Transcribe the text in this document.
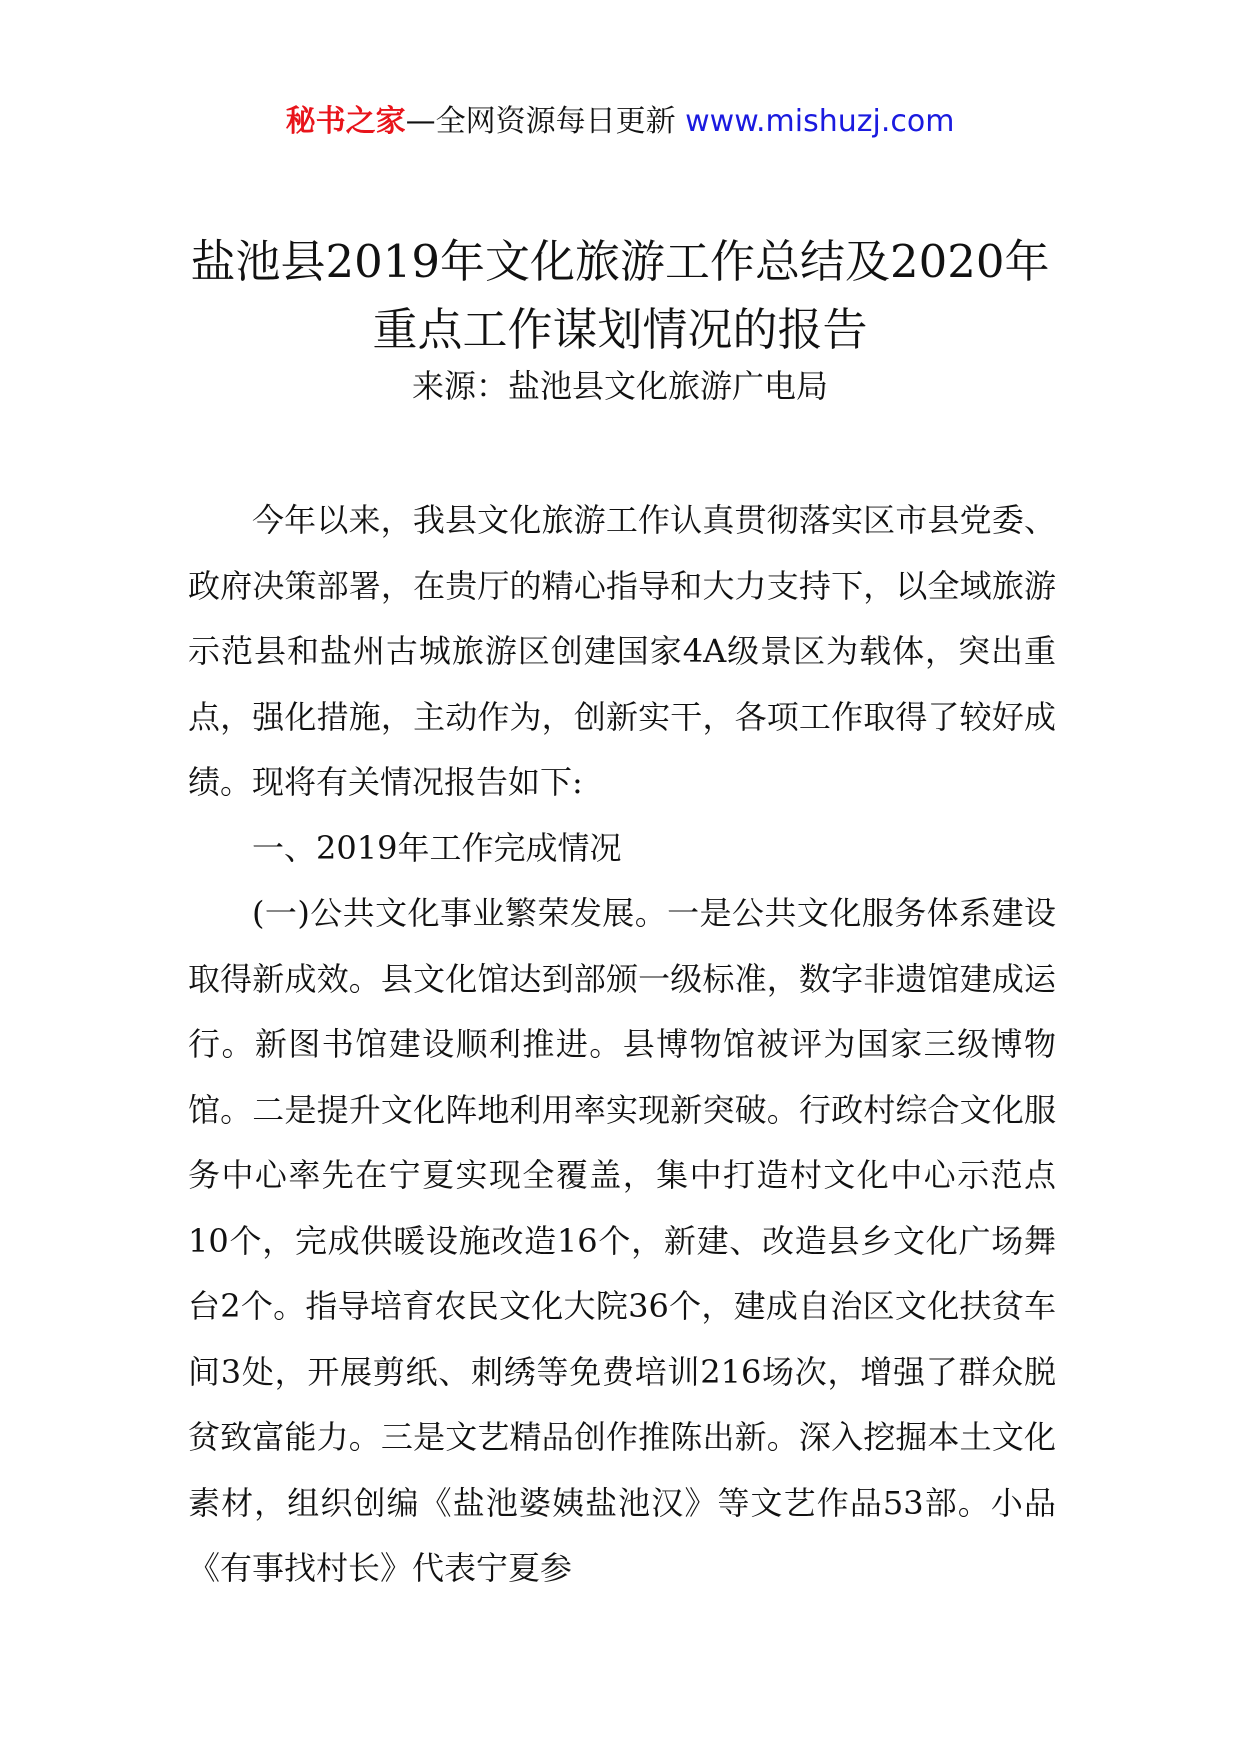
秘书之家—全网资源每日更新 www.mishuzj.com
盐池县2019年文化旅游工作总结及2020年重点工作谋划情况的报告

来源：盐池县文化旅游广电局

今年以来，我县文化旅游工作认真贯彻落实区市县党委、政府决策部署，在贵厅的精心指导和大力支持下，以全域旅游示范县和盐州古城旅游区创建国家4A级景区为载体，突出重点，强化措施，主动作为，创新实干，各项工作取得了较好成绩。现将有关情况报告如下:

一、2019年工作完成情况

(一)公共文化事业繁荣发展。一是公共文化服务体系建设取得新成效。县文化馆达到部颁一级标准，数字非遗馆建成运行。新图书馆建设顺利推进。县博物馆被评为国家三级博物馆。二是提升文化阵地利用率实现新突破。行政村综合文化服务中心率先在宁夏实现全覆盖，集中打造村文化中心示范点10个，完成供暖设施改造16个，新建、改造县乡文化广场舞台2个。指导培育农民文化大院36个，建成自治区文化扶贫车间3处，开展剪纸、刺绣等免费培训216场次，增强了群众脱贫致富能力。三是文艺精品创作推陈出新。深入挖掘本土文化素材，组织创编《盐池婆姨盐池汉》等文艺作品53部。小品《有事找村长》代表宁夏参
